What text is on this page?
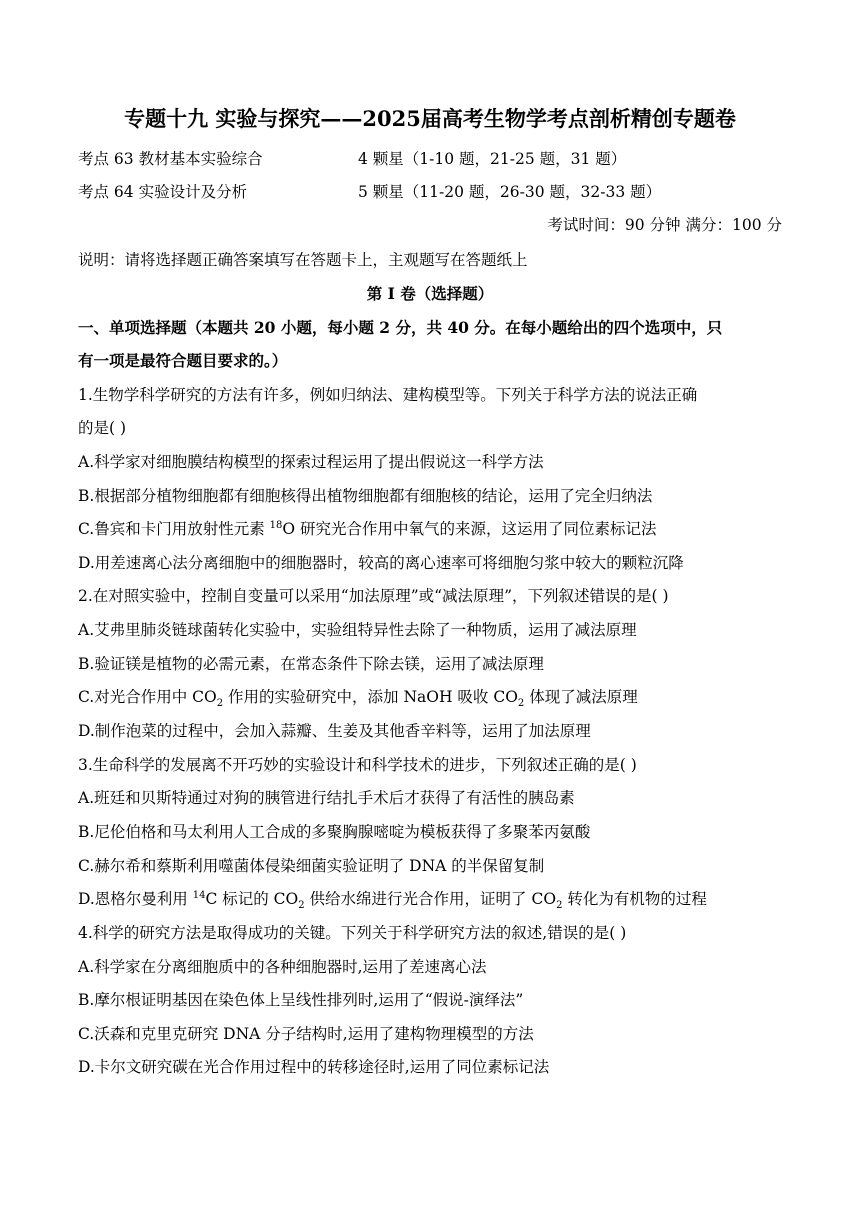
专题十九 实验与探究——2025届高考生物学考点剖析精创专题卷
考点 63 教材基本实验综合	4 颗星（1-10 题，21-25 题，31 题）
考点 64 实验设计及分析	5 颗星（11-20 题，26-30 题，32-33 题）
考试时间：90 分钟 满分：100 分
说明：请将选择题正确答案填写在答题卡上，主观题写在答题纸上
第 I 卷（选择题）
一、单项选择题（本题共 20 小题，每小题 2 分，共 40 分。在每小题给出的四个选项中，只
有一项是最符合题目要求的。）
1.生物学科学研究的方法有许多，例如归纳法、建构模型等。下列关于科学方法的说法正确
的是( )
A.科学家对细胞膜结构模型的探索过程运用了提出假说这一科学方法
B.根据部分植物细胞都有细胞核得出植物细胞都有细胞核的结论，运用了完全归纳法
C.鲁宾和卡门用放射性元素 $^{18}$O 研究光合作用中氧气的来源，这运用了同位素标记法
D.用差速离心法分离细胞中的细胞器时，较高的离心速率可将细胞匀浆中较大的颗粒沉降
2.在对照实验中，控制自变量可以采用“加法原理”或“减法原理”，下列叙述错误的是( )
A.艾弗里肺炎链球菌转化实验中，实验组特异性去除了一种物质，运用了减法原理
B.验证镁是植物的必需元素，在常态条件下除去镁，运用了减法原理
C.对光合作用中 $CO_2$ 作用的实验研究中，添加 NaOH 吸收 $CO_2$ 体现了减法原理
D.制作泡菜的过程中，会加入蒜瓣、生姜及其他香辛料等，运用了加法原理
3.生命科学的发展离不开巧妙的实验设计和科学技术的进步，下列叙述正确的是( )
A.班廷和贝斯特通过对狗的胰管进行结扎手术后才获得了有活性的胰岛素
B.尼伦伯格和马太利用人工合成的多聚胸腺嘧啶为模板获得了多聚苯丙氨酸
C.赫尔希和蔡斯利用噬菌体侵染细菌实验证明了 DNA 的半保留复制
D.恩格尔曼利用 $^{14}$C 标记的 $CO_2$ 供给水绵进行光合作用，证明了 $CO_2$ 转化为有机物的过程
4.科学的研究方法是取得成功的关键。下列关于科学研究方法的叙述,错误的是( )
A.科学家在分离细胞质中的各种细胞器时,运用了差速离心法
B.摩尔根证明基因在染色体上呈线性排列时,运用了“假说-演绎法”
C.沃森和克里克研究 DNA 分子结构时,运用了建构物理模型的方法
D.卡尔文研究碳在光合作用过程中的转移途径时,运用了同位素标记法
